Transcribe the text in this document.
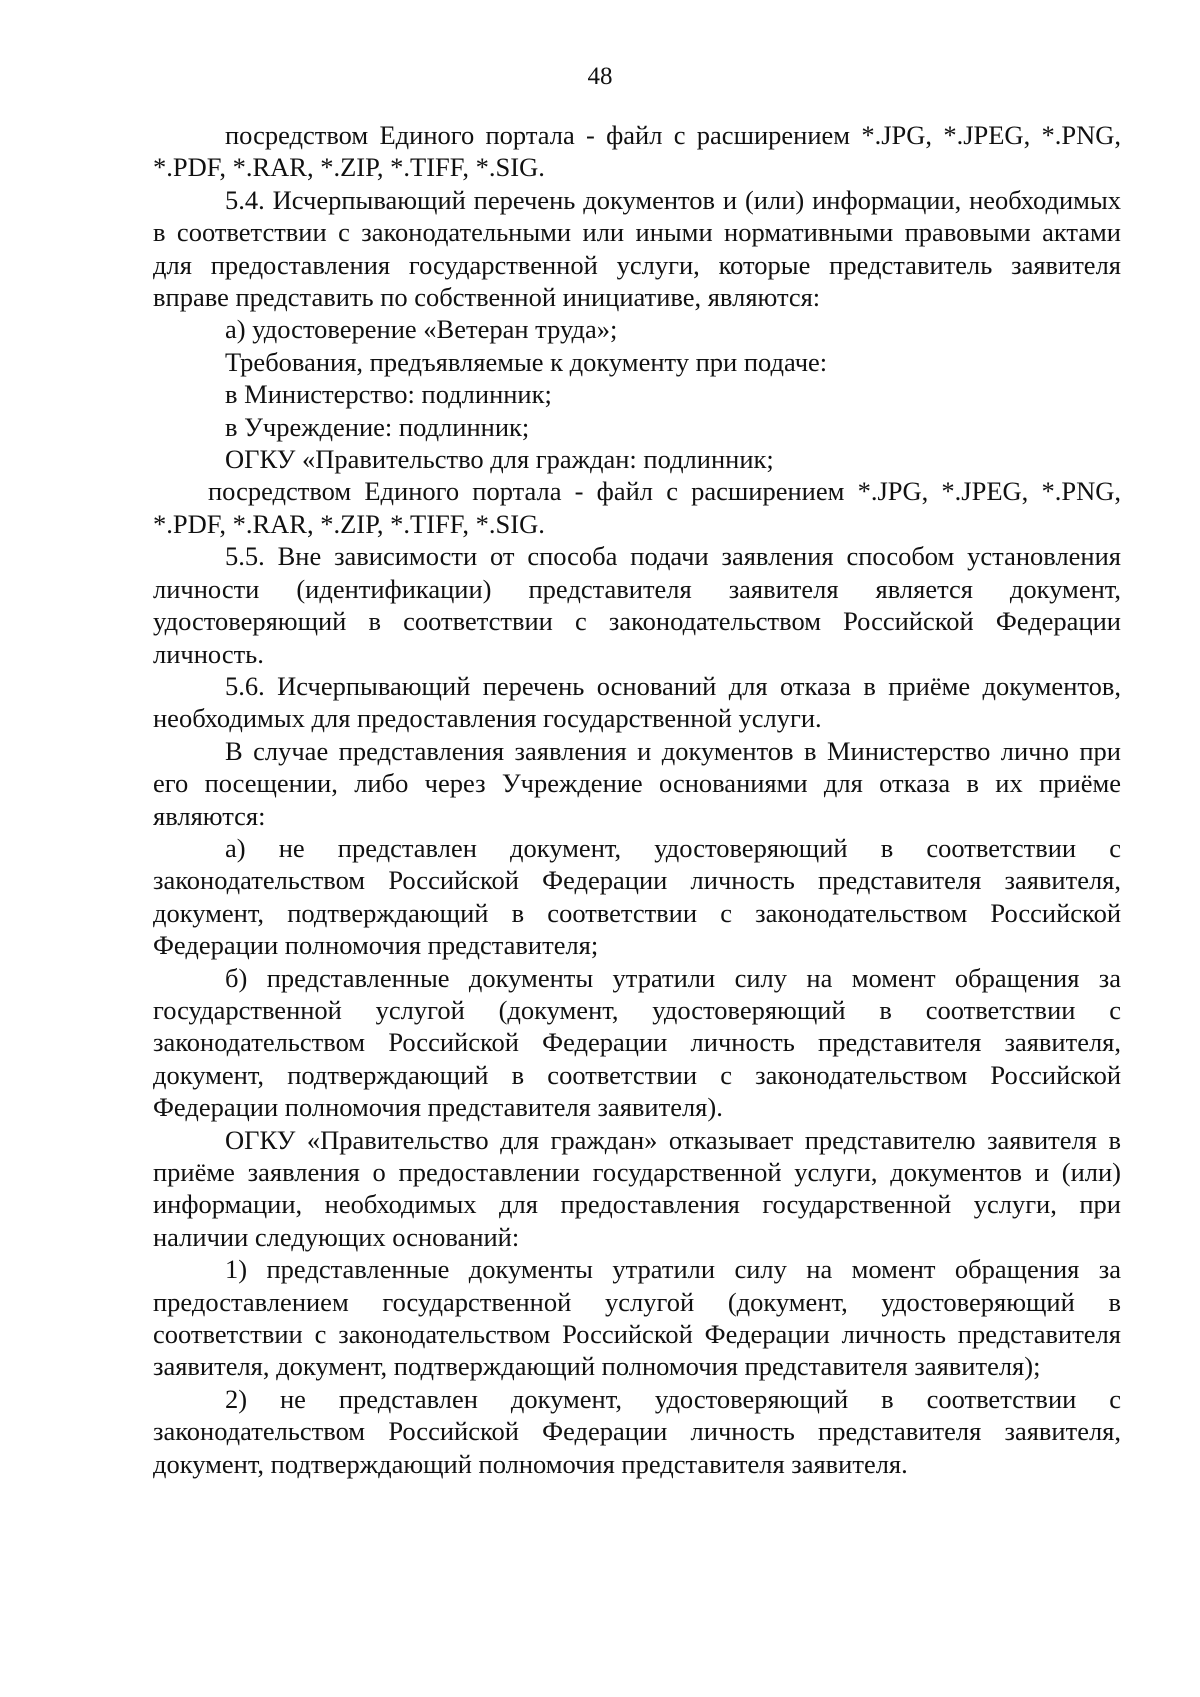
48

посредством Единого портала - файл с расширением *.JPG, *.JPEG, *.PNG, *.PDF, *.RAR, *.ZIP, *.TIFF, *.SIG.

5.4. Исчерпывающий перечень документов и (или) информации, необходимых в соответствии с законодательными или иными нормативными правовыми актами для предоставления государственной услуги, которые представитель заявителя вправе представить по собственной инициативе, являются:

а) удостоверение «Ветеран труда»;

Требования, предъявляемые к документу при подаче:

в Министерство: подлинник;

в Учреждение: подлинник;

ОГКУ «Правительство для граждан: подлинник;

посредством Единого портала - файл с расширением *.JPG, *.JPEG, *.PNG, *.PDF, *.RAR, *.ZIP, *.TIFF, *.SIG.

5.5. Вне зависимости от способа подачи заявления способом установления личности (идентификации) представителя заявителя является документ, удостоверяющий в соответствии с законодательством Российской Федерации личность.

5.6. Исчерпывающий перечень оснований для отказа в приёме документов, необходимых для предоставления государственной услуги.

В случае представления заявления и документов в Министерство лично при его посещении, либо через Учреждение основаниями для отказа в их приёме являются:

а) не представлен документ, удостоверяющий в соответствии с законодательством Российской Федерации личность представителя заявителя, документ, подтверждающий в соответствии с законодательством Российской Федерации полномочия представителя;

б) представленные документы утратили силу на момент обращения за государственной услугой (документ, удостоверяющий в соответствии с законодательством Российской Федерации личность представителя заявителя, документ, подтверждающий в соответствии с законодательством Российской Федерации полномочия представителя заявителя).

ОГКУ «Правительство для граждан» отказывает представителю заявителя в приёме заявления о предоставлении государственной услуги, документов и (или) информации, необходимых для предоставления государственной услуги, при наличии следующих оснований:

1) представленные документы утратили силу на момент обращения за предоставлением государственной услугой (документ, удостоверяющий в соответствии с законодательством Российской Федерации личность представителя заявителя, документ, подтверждающий полномочия представителя заявителя);

2) не представлен документ, удостоверяющий в соответствии с законодательством Российской Федерации личность представителя заявителя, документ, подтверждающий полномочия представителя заявителя.
